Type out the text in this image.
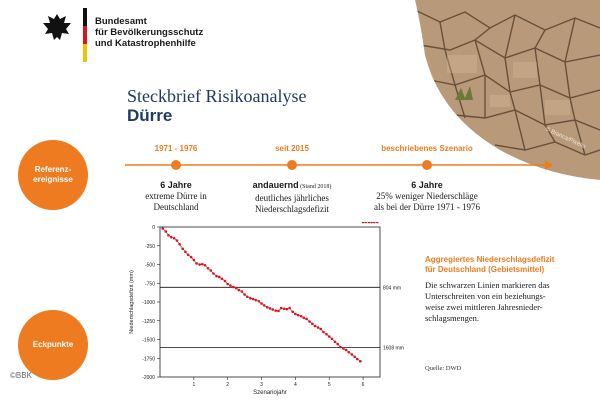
Bundesamt
für Bevölkerungsschutz
und Katastrophenhilfe
© Bianca/Pixelio
Steckbrief Risikoanalyse
Dürre
Referenz-
ereignisse
Eckpunkte
1971 - 1976	seit 2015	beschriebenes Szenario
6 Jahre
extreme Dürre in
Deutschland
andauernd (Stand 2018)
deutliches jährliches
Niederschlagsdefizit
6 Jahre
25% weniger Niederschläge
als bei der Dürre 1971 - 1976
0
-250
-500
-750
-1000
-1250
-1500
-1750
-2000
1	2	3	4	5	6
804 mm
1608 mm
Szenariojahr
Niederschlagsdefizit (mm)
Aggregiertes Niederschlagsdefizit
für Deutschland (Gebietsmittel)
Die schwarzen Linien markieren das
Unterschreiten von ein beziehungs-
weise zwei mittleren Jahresnieder-
schlagsmengen.
Quelle: DWD
©BBK
